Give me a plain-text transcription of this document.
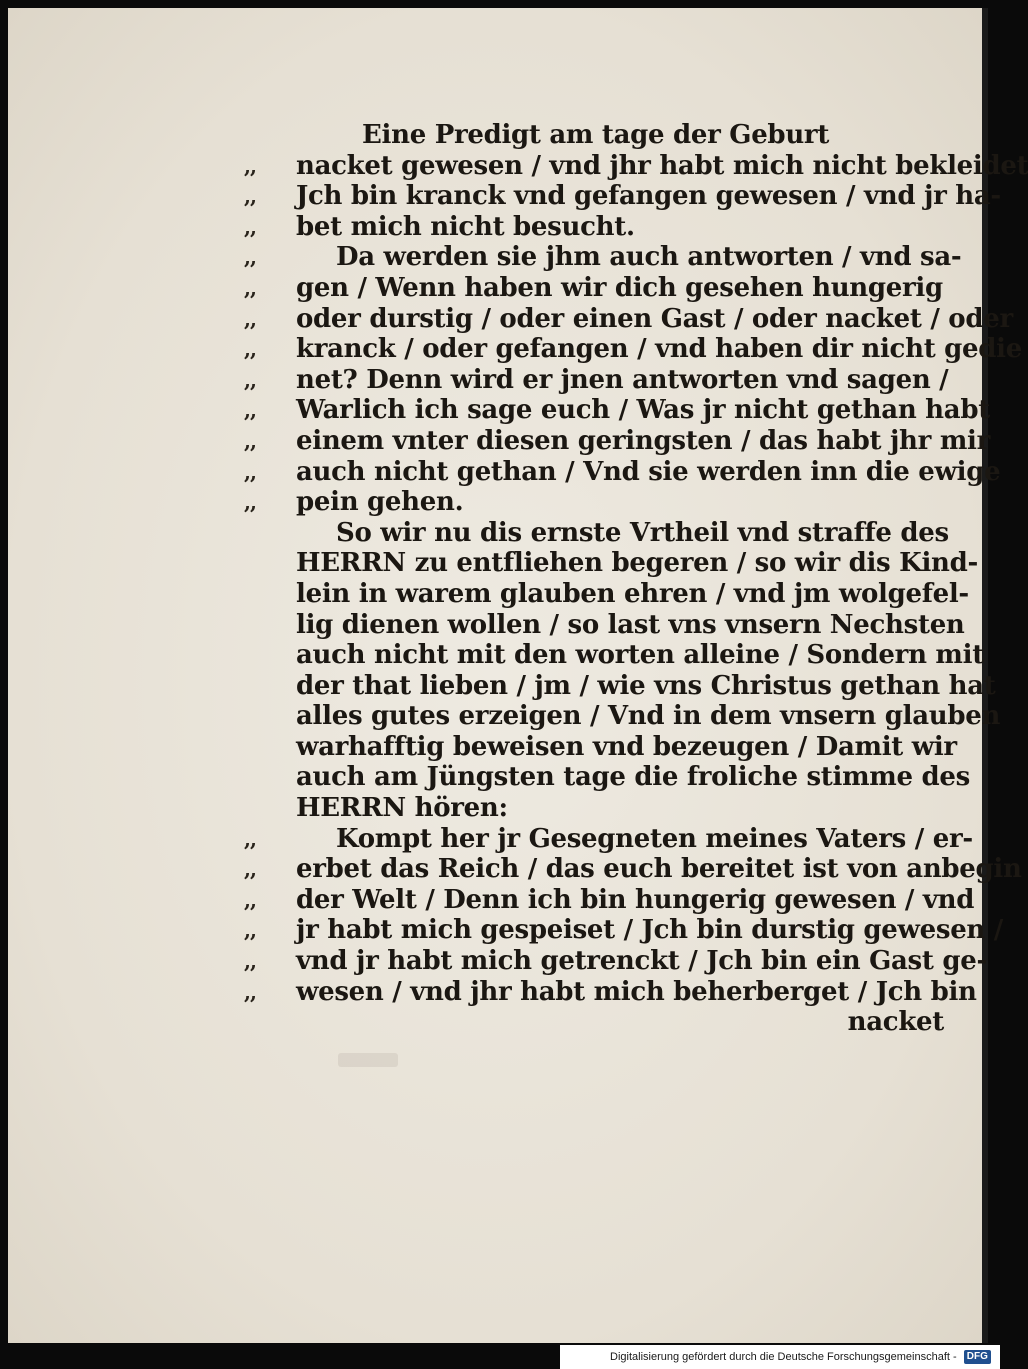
Eine Predigt am tage der Geburt
,,	nacket gewesen / vnd jhr habt mich nicht bekleidet
,,	Jch bin kranck vnd gefangen gewesen / vnd jr ha-
,,	bet mich nicht besucht.
,,	Da werden sie jhm auch antworten / vnd sa-
,,	gen / Wenn haben wir dich gesehen hungerig
,,	oder durstig / oder einen Gast / oder nacket / oder
,,	kranck / oder gefangen / vnd haben dir nicht gedie
,,	net? Denn wird er jnen antworten vnd sagen /
,,	Warlich ich sage euch / Was jr nicht gethan habt
,,	einem vnter diesen geringsten / das habt jhr mir
,,	auch nicht gethan / Vnd sie werden inn die ewige
,,	pein gehen.
So wir nu dis ernste Vrtheil vnd straffe des
HERRN zu entfliehen begeren / so wir dis Kind-
lein in warem glauben ehren / vnd jm wolgefel-
lig dienen wollen / so last vns vnsern Nechsten
auch nicht mit den worten alleine / Sondern mit
der that lieben / jm / wie vns Christus gethan hat
alles gutes erzeigen / Vnd in dem vnsern glauben
warhafftig beweisen vnd bezeugen / Damit wir
auch am Jüngsten tage die froliche stimme des
HERRN hören:
,,	Kompt her jr Gesegneten meines Vaters / er-
,,	erbet das Reich / das euch bereitet ist von anbegin
,,	der Welt / Denn ich bin hungerig gewesen / vnd
,,	jr habt mich gespeiset / Jch bin durstig gewesen /
,,	vnd jr habt mich getrenckt / Jch bin ein Gast ge-
,,	wesen / vnd jhr habt mich beherberget / Jch bin
nacket
Digitalisierung gefördert durch die Deutsche Forschungsgemeinschaft - DFG
